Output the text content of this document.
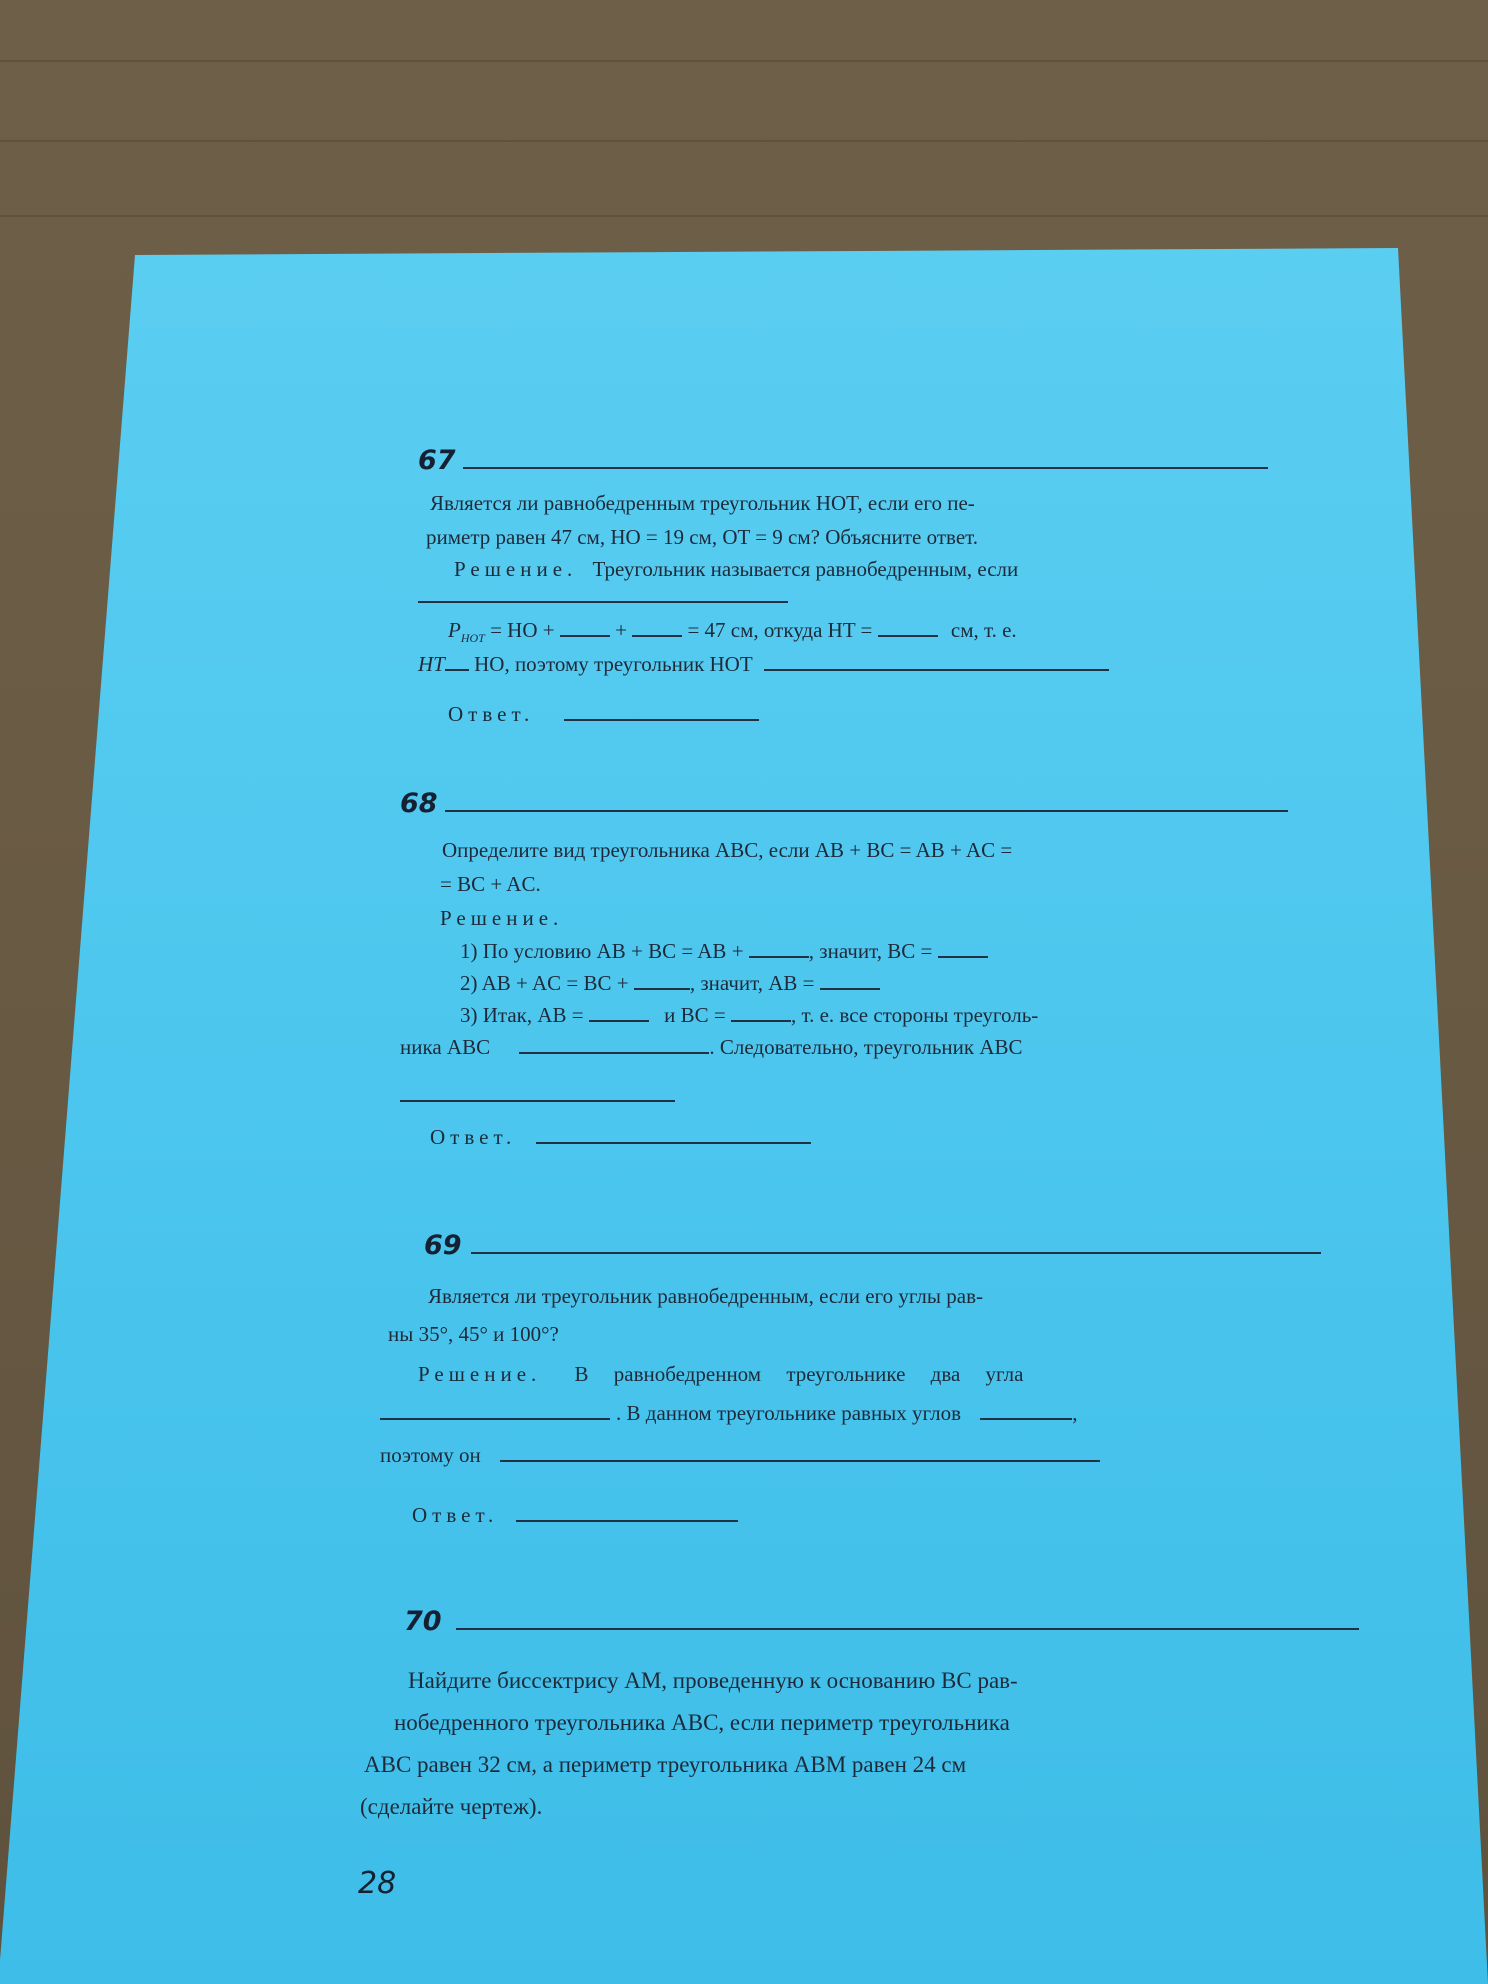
67
Является ли равнобедренным треугольник HOT, если его пе-
риметр равен 47 см, HO = 19 см, OT = 9 см? Объясните ответ.
Решение. Треугольник называется равнобедренным, если
$P_{HOT}$ = HO +	+	= 47 см, откуда HT =	см, т. е.
HT HO, поэтому треугольник HOT
Ответ.
68
Определите вид треугольника ABC, если AB + BC = AB + AC =
= BC + AC.
Решение.
1) По условию AB + BC = AB +	, значит, BC =
2) AB + AC = BC +	, значит, AB =
3) Итак, AB =	и BC =	, т. е. все стороны треуголь-
ника ABC	. Следовательно, треугольник ABC
Ответ.
69
Является ли треугольник равнобедренным, если его углы рав-
ны 35°, 45° и 100°?
Решение. В равнобедренном треугольнике два угла
. В данном треугольнике равных углов	,
поэтому он
Ответ.
70
Найдите биссектрису AM, проведенную к основанию BC рав-
нобедренного треугольника ABC, если периметр треугольника
ABC равен 32 см, а периметр треугольника ABM равен 24 см
(сделайте чертеж).
28
